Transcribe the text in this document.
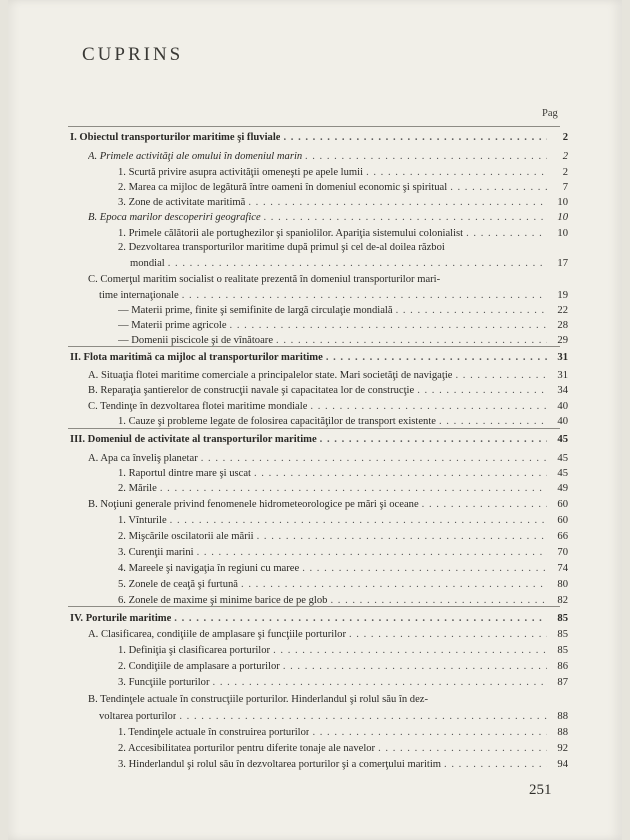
CUPRINS
Pag
I. Obiectul transporturilor maritime şi fluviale . . .	2
A. Primele activităţi ale omului în domeniul marin . . .	2
1. Scurtă privire asupra activităţii omeneşti pe apele lumii . . .	2
2. Marea ca mijloc de legătură între oameni în domeniul economic şi spiritual . . .	7
3. Zone de activitate maritimă . . .	10
B. Epoca marilor descoperiri geografice . . .	10
1. Primele călătorii ale portughezilor şi spaniolilor. Apariţia sistemului colonialist . . .	10
2. Dezvoltarea transporturilor maritime după primul şi cel de-al doilea război
mondial . . .	17
C. Comerţul maritim socialist o realitate prezentă în domeniul transporturilor mari-
time internaţionale . . .	19
— Materii prime, finite şi semifinite de largă circulaţie mondială . . .	22
— Materii prime agricole . . .	28
— Domenii piscicole şi de vînătoare . . .	29
II. Flota maritimă ca mijloc al transporturilor maritime . . .	31
A. Situaţia flotei maritime comerciale a principalelor state. Mari societăţi de navigaţie . . .	31
B. Reparaţia şantierelor de construcţii navale şi capacitatea lor de construcţie . . .	34
C. Tendinţe în dezvoltarea flotei maritime mondiale . . .	40
1. Cauze şi probleme legate de folosirea capacităţilor de transport existente . . .	40
III. Domeniul de activitate al transporturilor maritime . . .	45
A. Apa ca înveliş planetar . . .	45
1. Raportul dintre mare şi uscat . . .	45
2. Mările . . .	49
B. Noţiuni generale privind fenomenele hidrometeorologice pe mări şi oceane . . .	60
1. Vînturile . . .	60
2. Mişcările oscilatorii ale mării . . .	66
3. Curenţii marini . . .	70
4. Mareele şi navigaţia în regiuni cu maree . . .	74
5. Zonele de ceaţă şi furtună . . .	80
6. Zonele de maxime şi minime barice de pe glob . . .	82
IV. Porturile maritime . . .	85
A. Clasificarea, condiţiile de amplasare şi funcţiile porturilor . . .	85
1. Definiţia şi clasificarea porturilor . . .	85
2. Condiţiile de amplasare a porturilor . . .	86
3. Funcţiile porturilor . . .	87
B. Tendinţele actuale în construcţiile porturilor. Hinderlandul şi rolul său în dez-
voltarea porturilor . . .	88
1. Tendinţele actuale în construirea porturilor . . .	88
2. Accesibilitatea porturilor pentru diferite tonaje ale navelor . . .	92
3. Hinderlandul şi rolul său în dezvoltarea porturilor şi a comerţului maritim . . .	94
251
